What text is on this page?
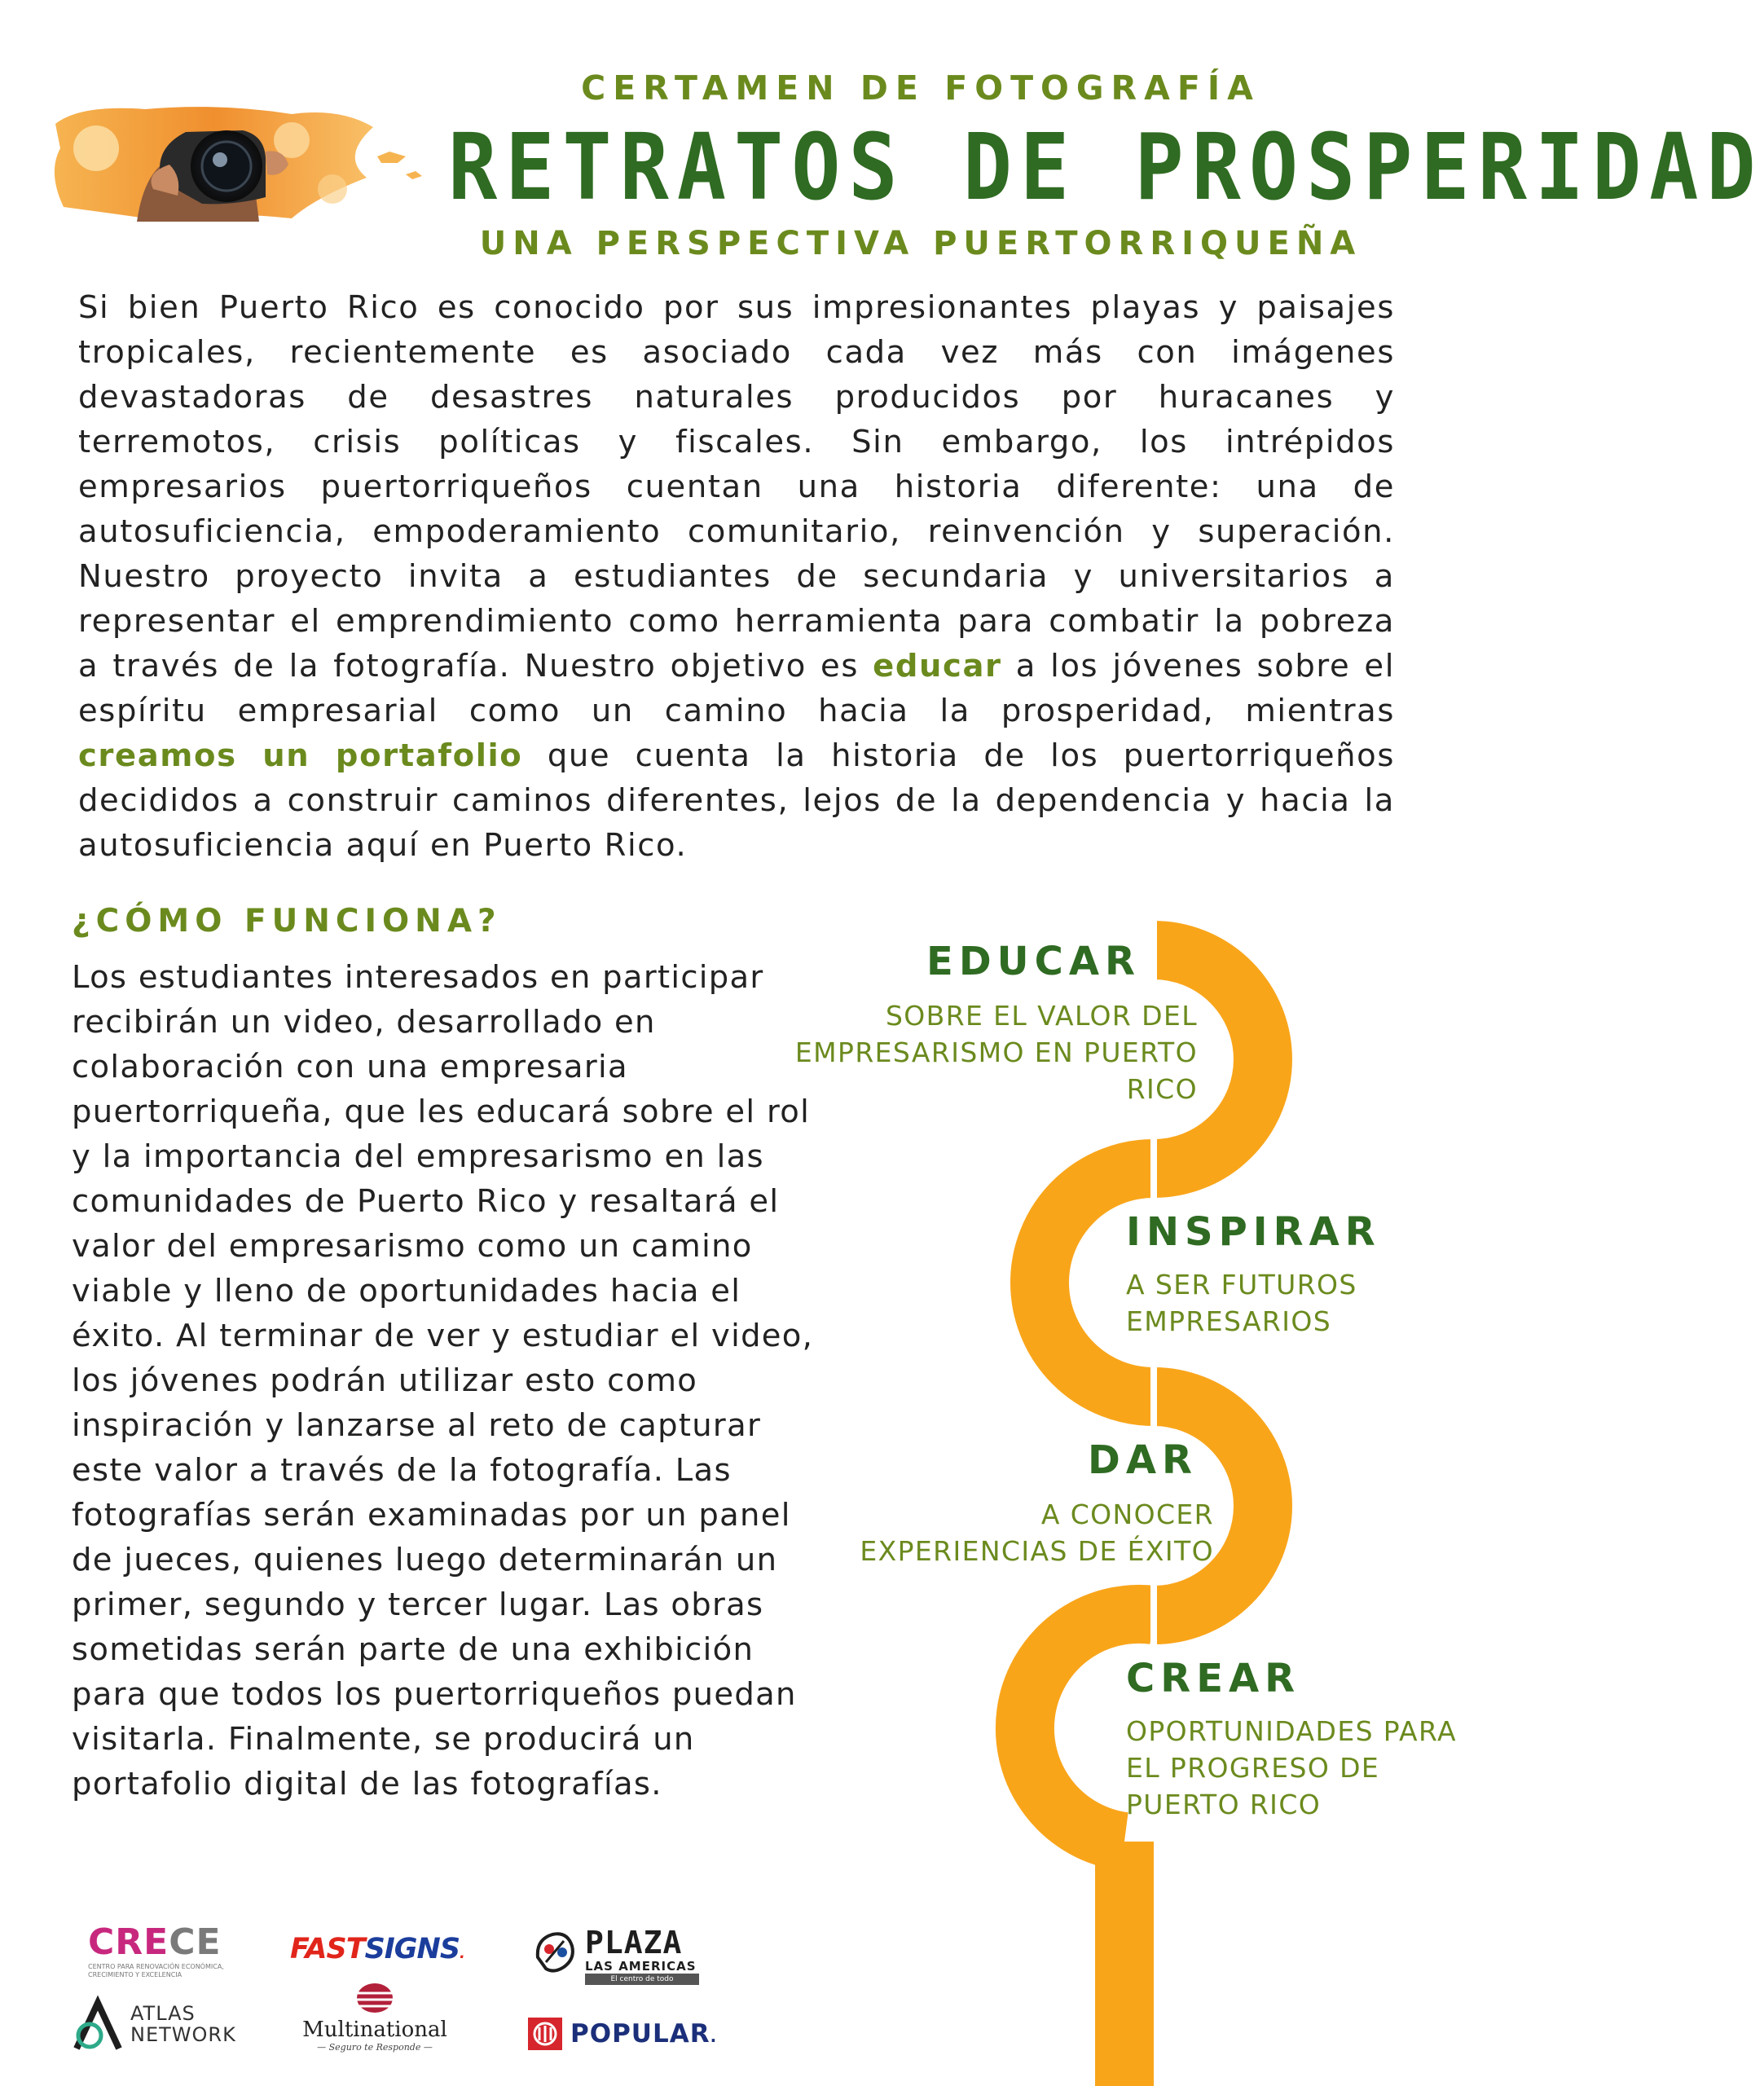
CERTAMEN DE FOTOGRAFÍA
RETRATOS DE PROSPERIDAD
UNA PERSPECTIVA PUERTORRIQUEÑA
Si bien Puerto Rico es conocido por sus impresionantes playas y paisajes tropicales, recientemente es asociado cada vez más con imágenes devastadoras de desastres naturales producidos por huracanes y terremotos, crisis políticas y fiscales. Sin embargo, los intrépidos empresarios puertorriqueños cuentan una historia diferente: una de autosuficiencia, empoderamiento comunitario, reinvención y superación. Nuestro proyecto invita a estudiantes de secundaria y universitarios a representar el emprendimiento como herramienta para combatir la pobreza a través de la fotografía. Nuestro objetivo es educar a los jóvenes sobre el espíritu empresarial como un camino hacia la prosperidad, mientras creamos un portafolio que cuenta la historia de los puertorriqueños decididos a construir caminos diferentes, lejos de la dependencia y hacia la autosuficiencia aquí en Puerto Rico.
¿CÓMO FUNCIONA?
Los estudiantes interesados en participar recibirán un video, desarrollado en colaboración con una empresaria puertorriqueña, que les educará sobre el rol y la importancia del empresarismo en las comunidades de Puerto Rico y resaltará el valor del empresarismo como un camino viable y lleno de oportunidades hacia el éxito. Al terminar de ver y estudiar el video, los jóvenes podrán utilizar esto como inspiración y lanzarse al reto de capturar este valor a través de la fotografía. Las fotografías serán examinadas por un panel de jueces, quienes luego determinarán un primer, segundo y tercer lugar. Las obras sometidas serán parte de una exhibición para que todos los puertorriqueños puedan visitarla. Finalmente, se producirá un portafolio digital de las fotografías.
EDUCAR
SOBRE EL VALOR DEL
EMPRESARISMO EN PUERTO
RICO
INSPIRAR
A SER FUTUROS
EMPRESARIOS
DAR
A CONOCER
EXPERIENCIAS DE ÉXITO
CREAR
OPORTUNIDADES PARA
EL PROGRESO DE
PUERTO RICO
CRECE
CENTRO PARA RENOVACIÓN ECONÓMICA,
CRECIMIENTO Y EXCELENCIA
FASTSIGNS.	PLAZA
LAS AMERICAS
El centro de todo
ATLAS
NETWORK	Multinational
— Seguro te Responde —	POPULAR.
